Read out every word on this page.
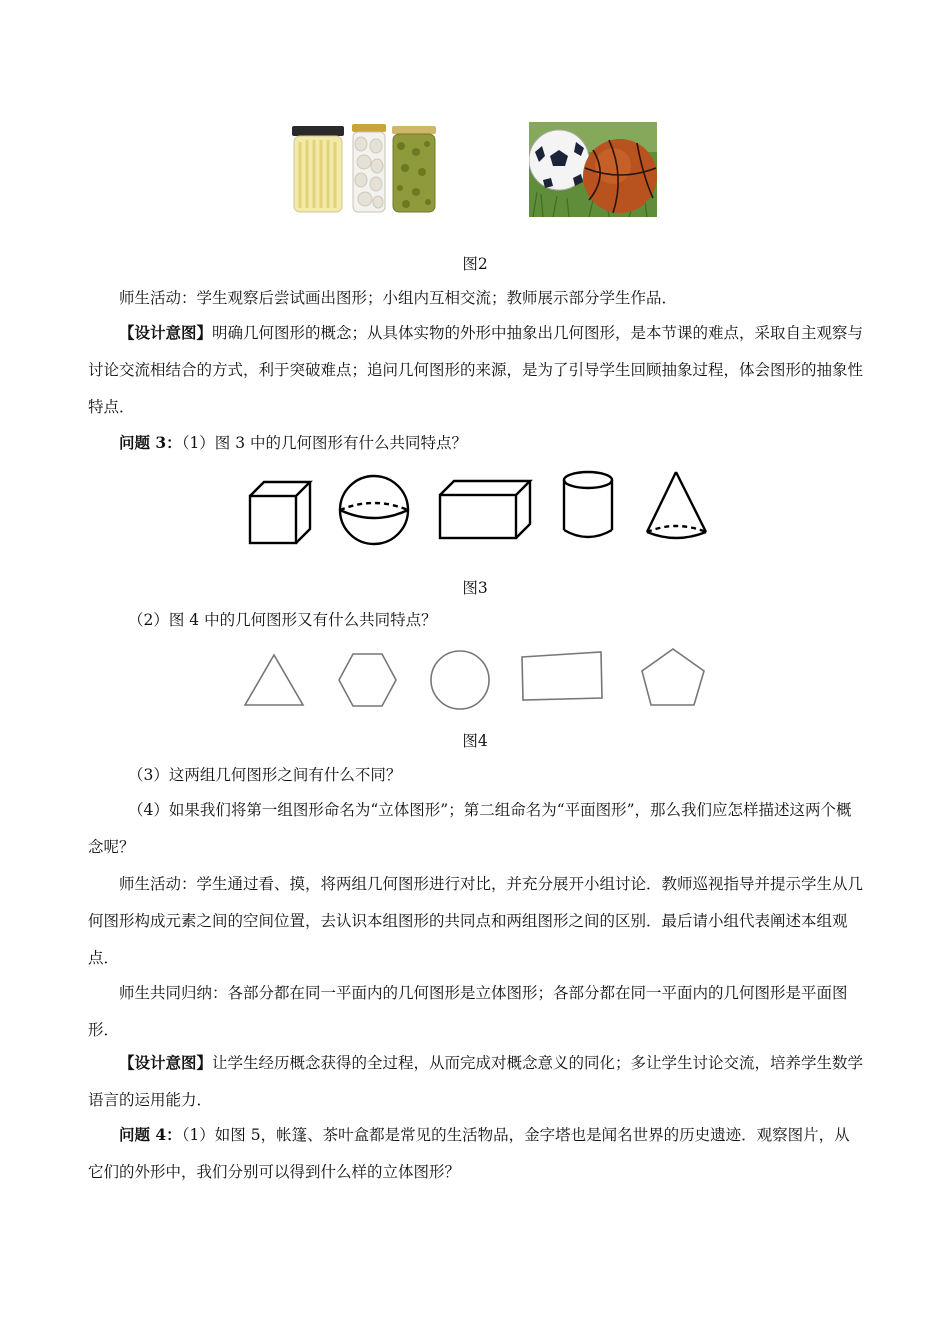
图2

师生活动：学生观察后尝试画出图形；小组内互相交流；教师展示部分学生作品．

【设计意图】明确几何图形的概念；从具体实物的外形中抽象出几何图形，是本节课的难点，采取自主观察与讨论交流相结合的方式，利于突破难点；追问几何图形的来源，是为了引导学生回顾抽象过程，体会图形的抽象性特点．

问题 3：（1）图 3 中的几何图形有什么共同特点？

图3

（2）图 4 中的几何图形又有什么共同特点？

图4

（3）这两组几何图形之间有什么不同？

（4）如果我们将第一组图形命名为“立体图形”；第二组命名为“平面图形”，那么我们应怎样描述这两个概念呢？

师生活动：学生通过看、摸，将两组几何图形进行对比，并充分展开小组讨论．教师巡视指导并提示学生从几何图形构成元素之间的空间位置，去认识本组图形的共同点和两组图形之间的区别．最后请小组代表阐述本组观点．

师生共同归纳：各部分都在同一平面内的几何图形是立体图形；各部分都在同一平面内的几何图形是平面图形．

【设计意图】让学生经历概念获得的全过程，从而完成对概念意义的同化；多让学生讨论交流，培养学生数学语言的运用能力．

问题 4：（1）如图 5，帐篷、茶叶盒都是常见的生活物品，金字塔也是闻名世界的历史遗迹．观察图片，从它们的外形中，我们分别可以得到什么样的立体图形？
